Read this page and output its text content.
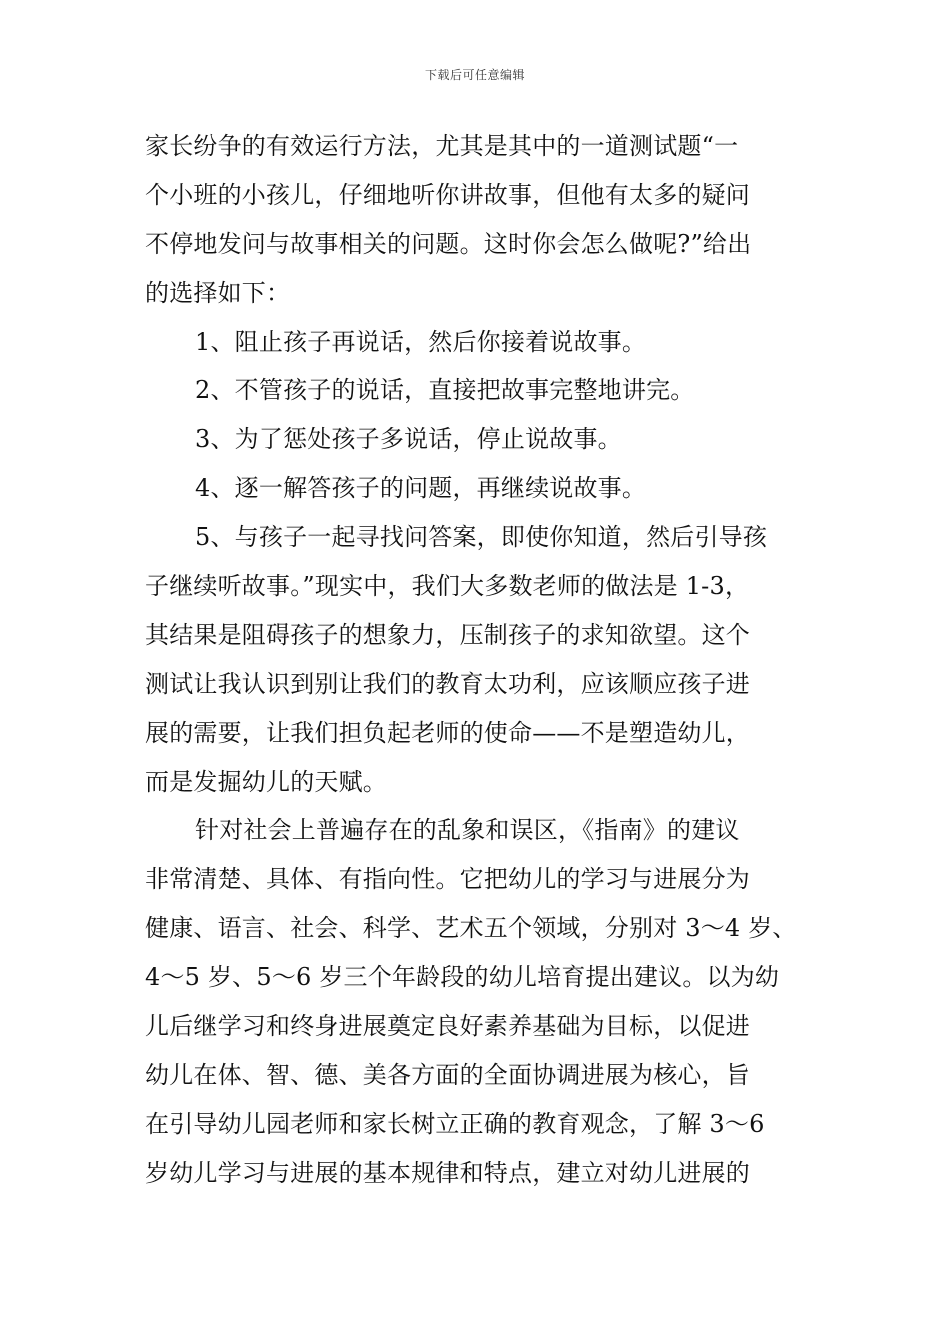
下载后可任意编辑
家长纷争的有效运行方法，尤其是其中的一道测试题“一
个小班的小孩儿，仔细地听你讲故事，但他有太多的疑问
不停地发问与故事相关的问题。这时你会怎么做呢?”给出
的选择如下：
1、阻止孩子再说话，然后你接着说故事。
2、不管孩子的说话，直接把故事完整地讲完。
3、为了惩处孩子多说话，停止说故事。
4、逐一解答孩子的问题，再继续说故事。
5、与孩子一起寻找问答案，即使你知道，然后引导孩
子继续听故事。”现实中，我们大多数老师的做法是 1-3，
其结果是阻碍孩子的想象力，压制孩子的求知欲望。这个
测试让我认识到别让我们的教育太功利，应该顺应孩子进
展的需要，让我们担负起老师的使命——不是塑造幼儿，
而是发掘幼儿的天赋。
针对社会上普遍存在的乱象和误区，《指南》的建议
非常清楚、具体、有指向性。它把幼儿的学习与进展分为
健康、语言、社会、科学、艺术五个领域，分别对 3～4 岁、
4～5 岁、5～6 岁三个年龄段的幼儿培育提出建议。以为幼
儿后继学习和终身进展奠定良好素养基础为目标，以促进
幼儿在体、智、德、美各方面的全面协调进展为核心，旨
在引导幼儿园老师和家长树立正确的教育观念，了解 3～6
岁幼儿学习与进展的基本规律和特点，建立对幼儿进展的
